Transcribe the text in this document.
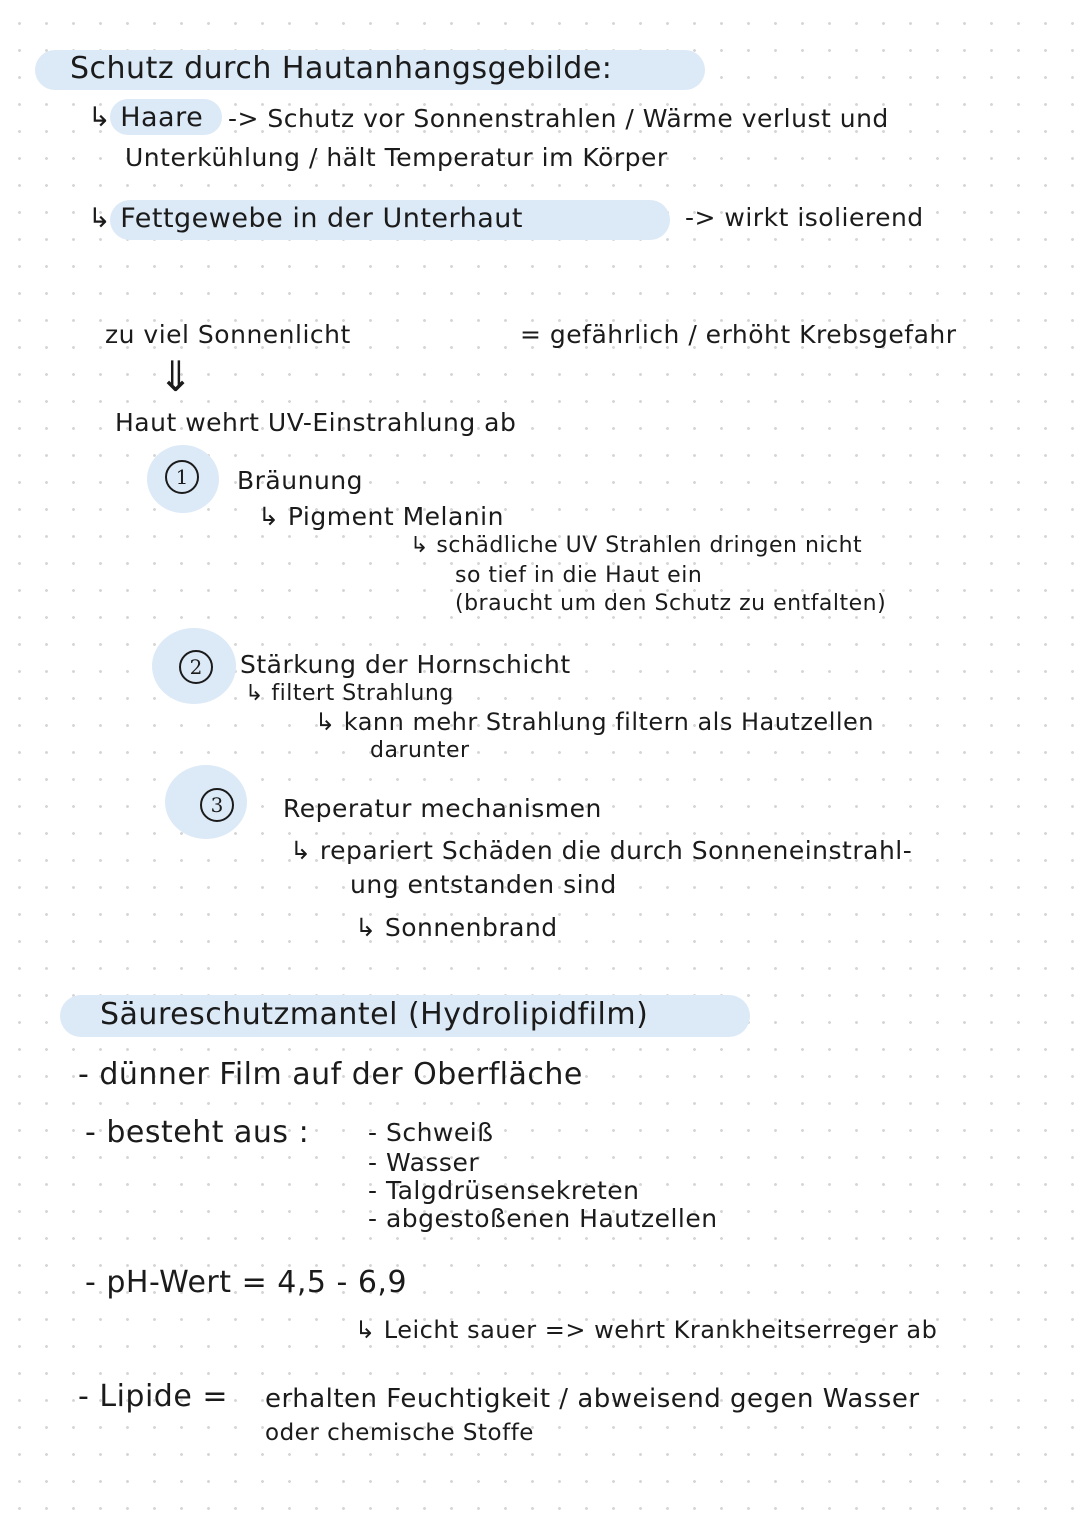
Schutz durch Hautanhangsgebilde:
↳ Haare -> Schutz vor Sonnenstrahlen / Wärme verlust und
Unterkühlung / hält Temperatur im Körper
↳ Fettgewebe in der Unterhaut	-> wirkt isolierend
zu viel Sonnenlicht	= gefährlich / erhöht Krebsgefahr
⇓
Haut wehrt UV-Einstrahlung ab
1	Bräunung
↳ Pigment Melanin
↳ schädliche UV Strahlen dringen nicht
so tief in die Haut ein
(braucht um den Schutz zu entfalten)
2	Stärkung der Hornschicht
↳ filtert Strahlung
↳ kann mehr Strahlung filtern als Hautzellen
darunter
3	Reperatur mechanismen
↳ repariert Schäden die durch Sonneneinstrahl-
ung entstanden sind
↳ Sonnenbrand
Säureschutzmantel (Hydrolipidfilm)
- dünner Film auf der Oberfläche
- besteht aus : - Schweiß
- Wasser
- Talgdrüsensekreten
- abgestoßenen Hautzellen
- pH-Wert = 4,5 - 6,9
↳ Leicht sauer => wehrt Krankheitserreger ab
- Lipide = erhalten Feuchtigkeit / abweisend gegen Wasser
oder chemische Stoffe
